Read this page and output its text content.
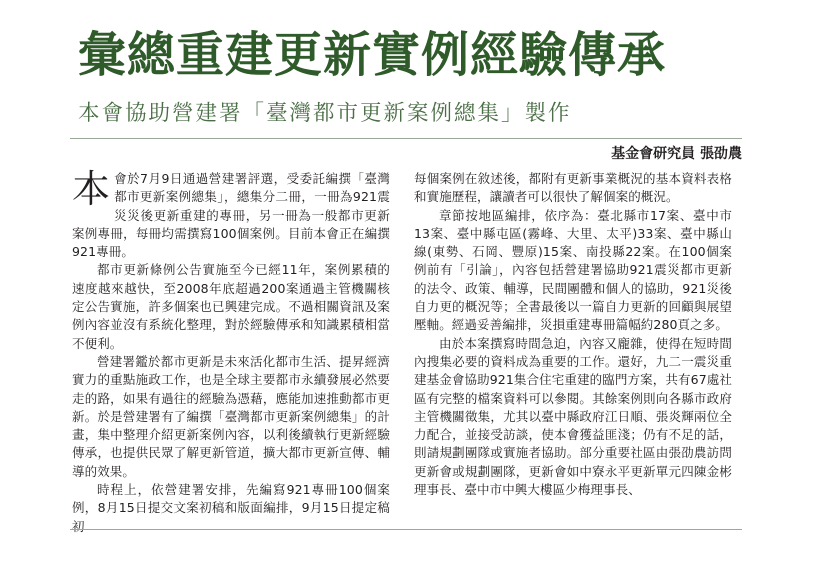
彙總重建更新實例經驗傳承
本會協助營建署「臺灣都市更新案例總集」製作
基金會研究員 張劭農

本會於7月9日通過營建署評選，受委託編撰「臺灣都市更新案例總集」，總集分二冊，一冊為921震災災後更新重建的專冊，另一冊為一般都市更新案例專冊，每冊均需撰寫100個案例。目前本會正在編撰921專冊。

都市更新條例公告實施至今已經11年，案例累積的速度越來越快，至2008年底超過200案通過主管機關核定公告實施，許多個案也已興建完成。不過相關資訊及案例內容並沒有系統化整理，對於經驗傳承和知識累積相當不便利。

營建署鑑於都市更新是未來活化都市生活、提昇經濟實力的重點施政工作，也是全球主要都市永續發展必然要走的路，如果有過往的經驗為憑藉，應能加速推動都市更新。於是營建署有了編撰「臺灣都市更新案例總集」的計畫，集中整理介紹更新案例內容，以利後續執行更新經驗傳承，也提供民眾了解更新管道，擴大都市更新宣傳、輔導的效果。

時程上，依營建署安排，先編寫921專冊100個案例，8月15日提交文案初稿和版面編排，9月15日提定稿初

每個案例在敘述後，都附有更新事業概況的基本資料表格和實施歷程，讓讀者可以很快了解個案的概況。

章節按地區編排，依序為：臺北縣市17案、臺中市13案、臺中縣屯區(霧峰、大里、太平)33案、臺中縣山線(東勢、石岡、豐原)15案、南投縣22案。在100個案例前有「引論」，內容包括營建署協助921震災都市更新的法令、政策、輔導，民間團體和個人的協助，921災後自力更的概況等；全書最後以一篇自力更新的回顧與展望壓軸。經過妥善編排，災損重建專冊篇幅約280頁之多。

由於本案撰寫時間急迫，內容又龐雜，使得在短時間內搜集必要的資料成為重要的工作。還好，九二一震災重建基金會協助921集合住宅重建的臨門方案，共有67處社區有完整的檔案資料可以參閱。其餘案例則向各縣市政府主管機關徵集，尤其以臺中縣政府江日順、張炎輝兩位全力配合，並接受訪談，使本會獲益匪淺；仍有不足的話，則請規劃團隊或實施者協助。部分重要社區由張劭農訪問更新會或規劃團隊，更新會如中寮永平更新單元四陳金彬理事長、臺中市中興大樓區少梅理事長、
